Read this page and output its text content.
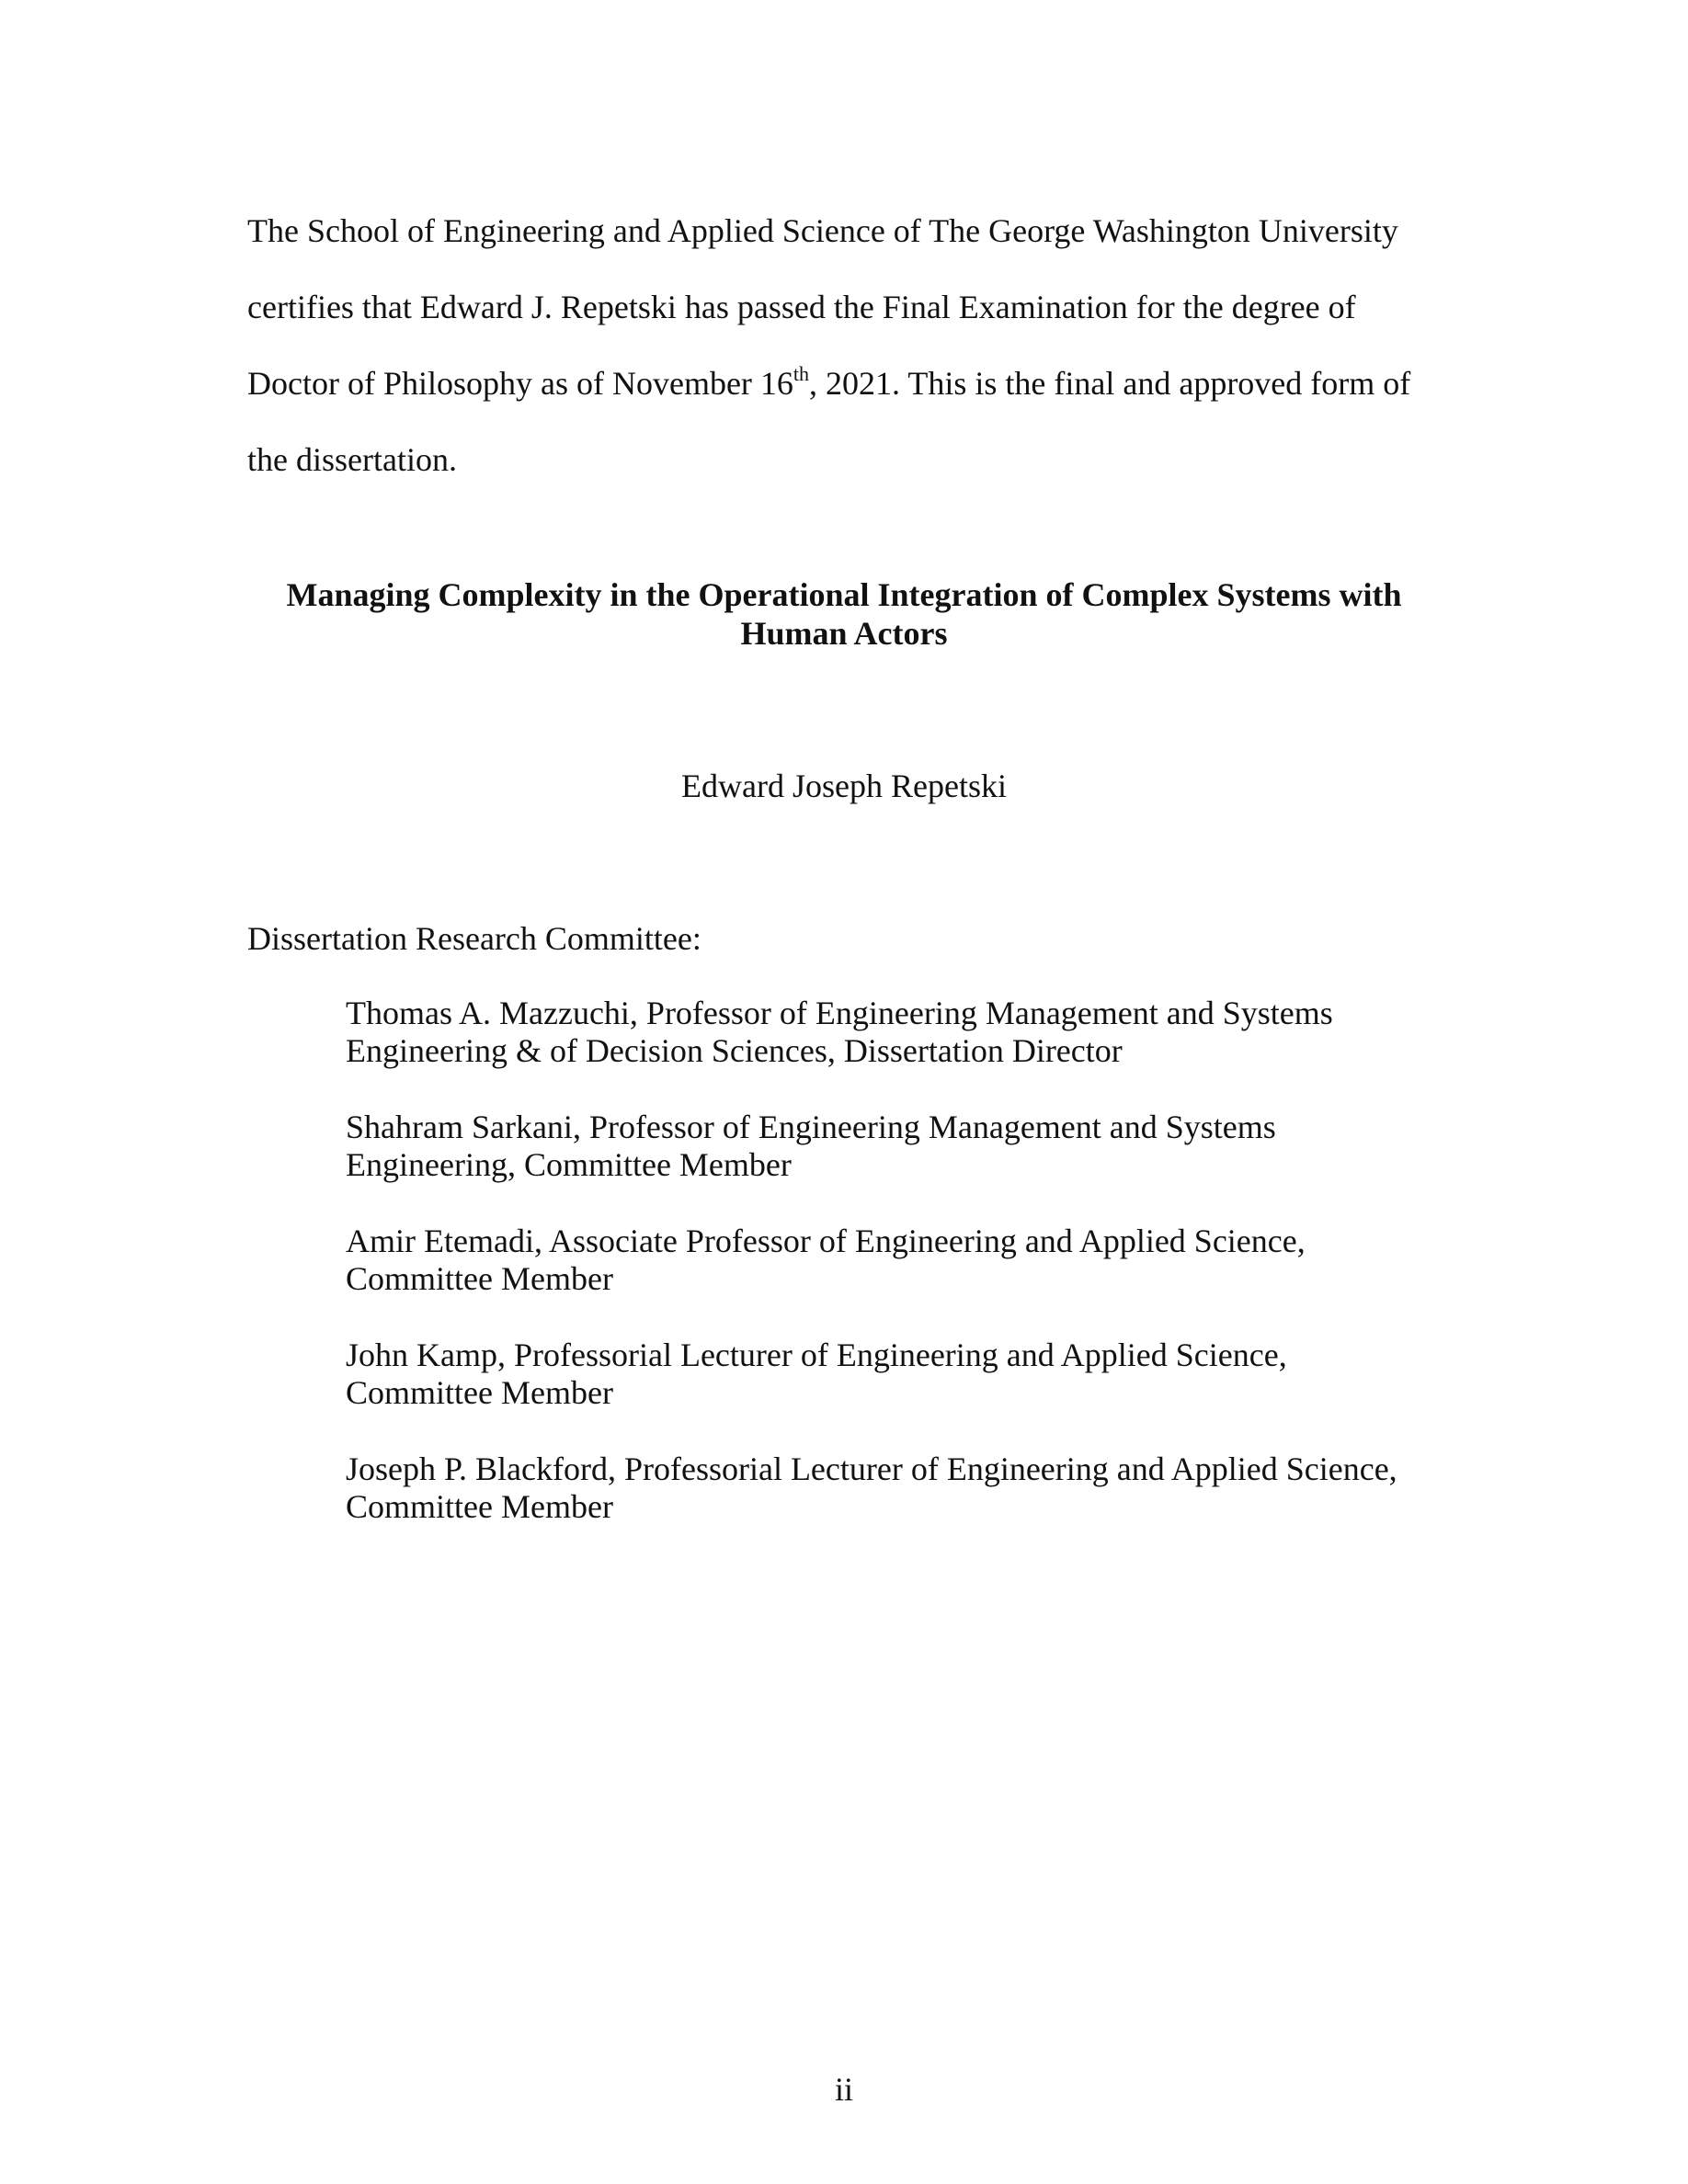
The School of Engineering and Applied Science of The George Washington University
certifies that Edward J. Repetski has passed the Final Examination for the degree of
Doctor of Philosophy as of November 16th, 2021. This is the final and approved form of
the dissertation.

Managing Complexity in the Operational Integration of Complex Systems with
Human Actors

Edward Joseph Repetski

Dissertation Research Committee:

Thomas A. Mazzuchi, Professor of Engineering Management and Systems
Engineering & of Decision Sciences, Dissertation Director
Shahram Sarkani, Professor of Engineering Management and Systems
Engineering, Committee Member
Amir Etemadi, Associate Professor of Engineering and Applied Science,
Committee Member
John Kamp, Professorial Lecturer of Engineering and Applied Science,
Committee Member
Joseph P. Blackford, Professorial Lecturer of Engineering and Applied Science,
Committee Member

ii
